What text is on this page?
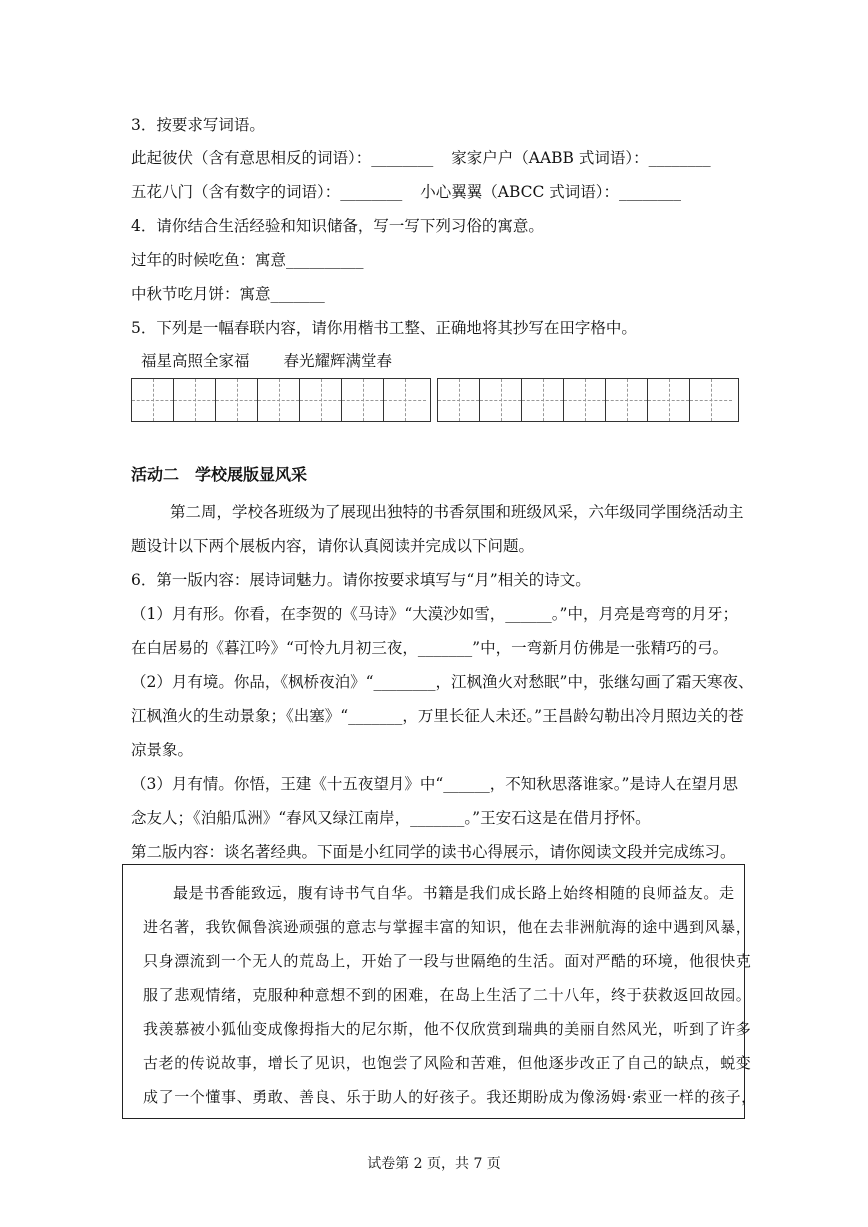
3．按要求写词语。
此起彼伏（含有意思相反的词语）：________ 家家户户（AABB 式词语）：________
五花八门（含有数字的词语）：________ 小心翼翼（ABCC 式词语）：________
4．请你结合生活经验和知识储备，写一写下列习俗的寓意。
过年的时候吃鱼：寓意__________
中秋节吃月饼：寓意_______
5．下列是一幅春联内容，请你用楷书工整、正确地将其抄写在田字格中。
福星高照全家福 春光耀辉满堂春
活动二　学校展版显风采
第二周，学校各班级为了展现出独特的书香氛围和班级风采，六年级同学围绕活动主
题设计以下两个展板内容，请你认真阅读并完成以下问题。
6．第一版内容：展诗词魅力。请你按要求填写与“月”相关的诗文。
（1）月有形。你看，在李贺的《马诗》“大漠沙如雪，______。”中，月亮是弯弯的月牙；
在白居易的《暮江吟》“可怜九月初三夜，_______”中，一弯新月仿佛是一张精巧的弓。
（2）月有境。你品，《枫桥夜泊》“________，江枫渔火对愁眠”中，张继勾画了霜天寒夜、
江枫渔火的生动景象；《出塞》“_______，万里长征人未还。”王昌龄勾勒出冷月照边关的苍
凉景象。
（3）月有情。你悟，王建《十五夜望月》中“______，不知秋思落谁家。”是诗人在望月思
念友人；《泊船瓜洲》“春风又绿江南岸，_______。”王安石这是在借月抒怀。
第二版内容：谈名著经典。下面是小红同学的读书心得展示，请你阅读文段并完成练习。
最是书香能致远，腹有诗书气自华。书籍是我们成长路上始终相随的良师益友。走
进名著，我钦佩鲁滨逊顽强的意志与掌握丰富的知识，他在去非洲航海的途中遇到风暴，
只身漂流到一个无人的荒岛上，开始了一段与世隔绝的生活。面对严酷的环境，他很快克
服了悲观情绪，克服种种意想不到的困难，在岛上生活了二十八年，终于获救返回故园。
我羡慕被小狐仙变成像拇指大的尼尔斯，他不仅欣赏到瑞典的美丽自然风光，听到了许多
古老的传说故事，增长了见识，也饱尝了风险和苦难，但他逐步改正了自己的缺点，蜕变
成了一个懂事、勇敢、善良、乐于助人的好孩子。我还期盼成为像汤姆·索亚一样的孩子，
试卷第 2 页，共 7 页
